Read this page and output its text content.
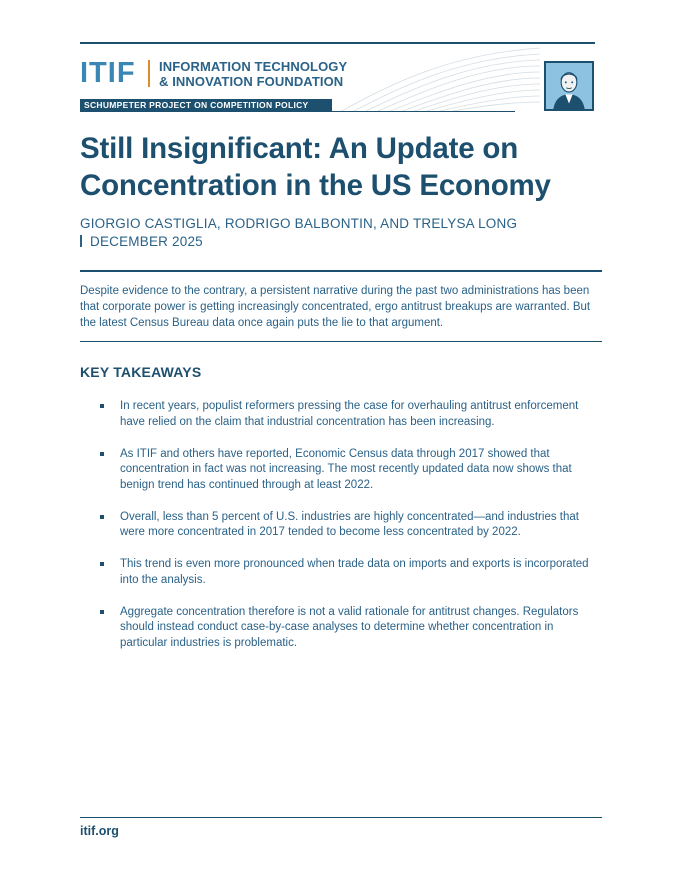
ITIF INFORMATION TECHNOLOGY
& INNOVATION FOUNDATION
SCHUMPETER PROJECT ON COMPETITION POLICY
Still Insignificant: An Update on
Concentration in the US Economy
GIORGIO CASTIGLIA, RODRIGO BALBONTIN, AND TRELYSA LONG
DECEMBER 2025

Despite evidence to the contrary, a persistent narrative during the past two administrations has been that corporate power is getting increasingly concentrated, ergo antitrust breakups are warranted. But the latest Census Bureau data once again puts the lie to that argument.

KEY TAKEAWAYS
In recent years, populist reformers pressing the case for overhauling antitrust enforcement have relied on the claim that industrial concentration has been increasing.
As ITIF and others have reported, Economic Census data through 2017 showed that concentration in fact was not increasing. The most recently updated data now shows that benign trend has continued through at least 2022.
Overall, less than 5 percent of U.S. industries are highly concentrated—and industries that were more concentrated in 2017 tended to become less concentrated by 2022.
This trend is even more pronounced when trade data on imports and exports is incorporated into the analysis.
Aggregate concentration therefore is not a valid rationale for antitrust changes. Regulators should instead conduct case-by-case analyses to determine whether concentration in particular industries is problematic.
itif.org
